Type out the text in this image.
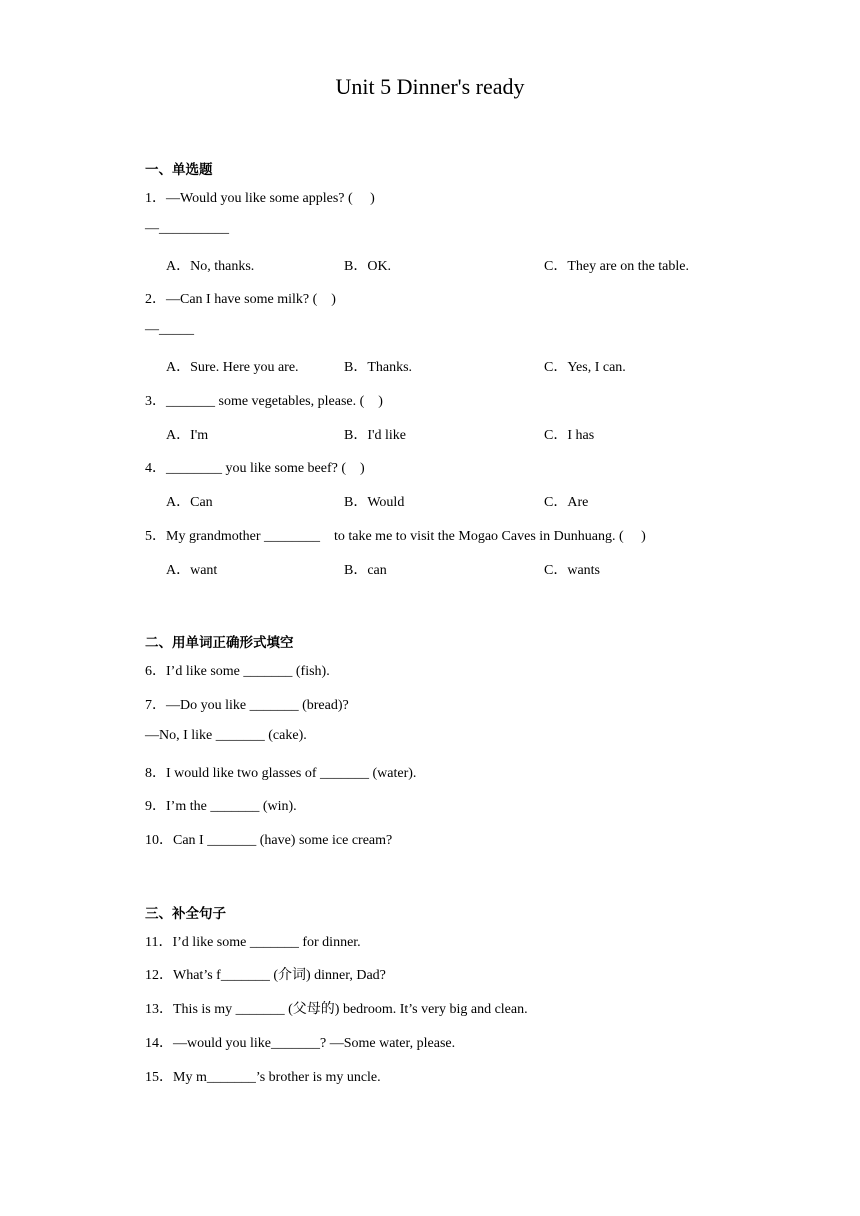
Unit 5 Dinner's ready
一、单选题
1．—Would you like some apples? (     )
—__________
A．No, thanks.	B．OK.	C．They are on the table.
2．—Can I have some milk? (    )
—_____
A．Sure. Here you are.	B．Thanks.	C．Yes, I can.
3．_______ some vegetables, please. (    )
A．I'm	B．I'd like	C．I has
4．________ you like some beef? (    )
A．Can	B．Would	C．Are
5．My grandmother ________    to take me to visit the Mogao Caves in Dunhuang. (     )
A．want	B．can	C．wants
二、用单词正确形式填空
6．I’d like some _______ (fish).
7．—Do you like _______ (bread)?
—No, I like _______ (cake).
8．I would like two glasses of _______ (water).
9．I’m the _______ (win).
10．Can I _______ (have) some ice cream?
三、补全句子
11．I’d like some _______ for dinner.
12．What’s f_______ (介词) dinner, Dad?
13．This is my _______ (父母的) bedroom. It’s very big and clean.
14．—would you like_______? —Some water, please.
15．My m_______’s brother is my uncle.
